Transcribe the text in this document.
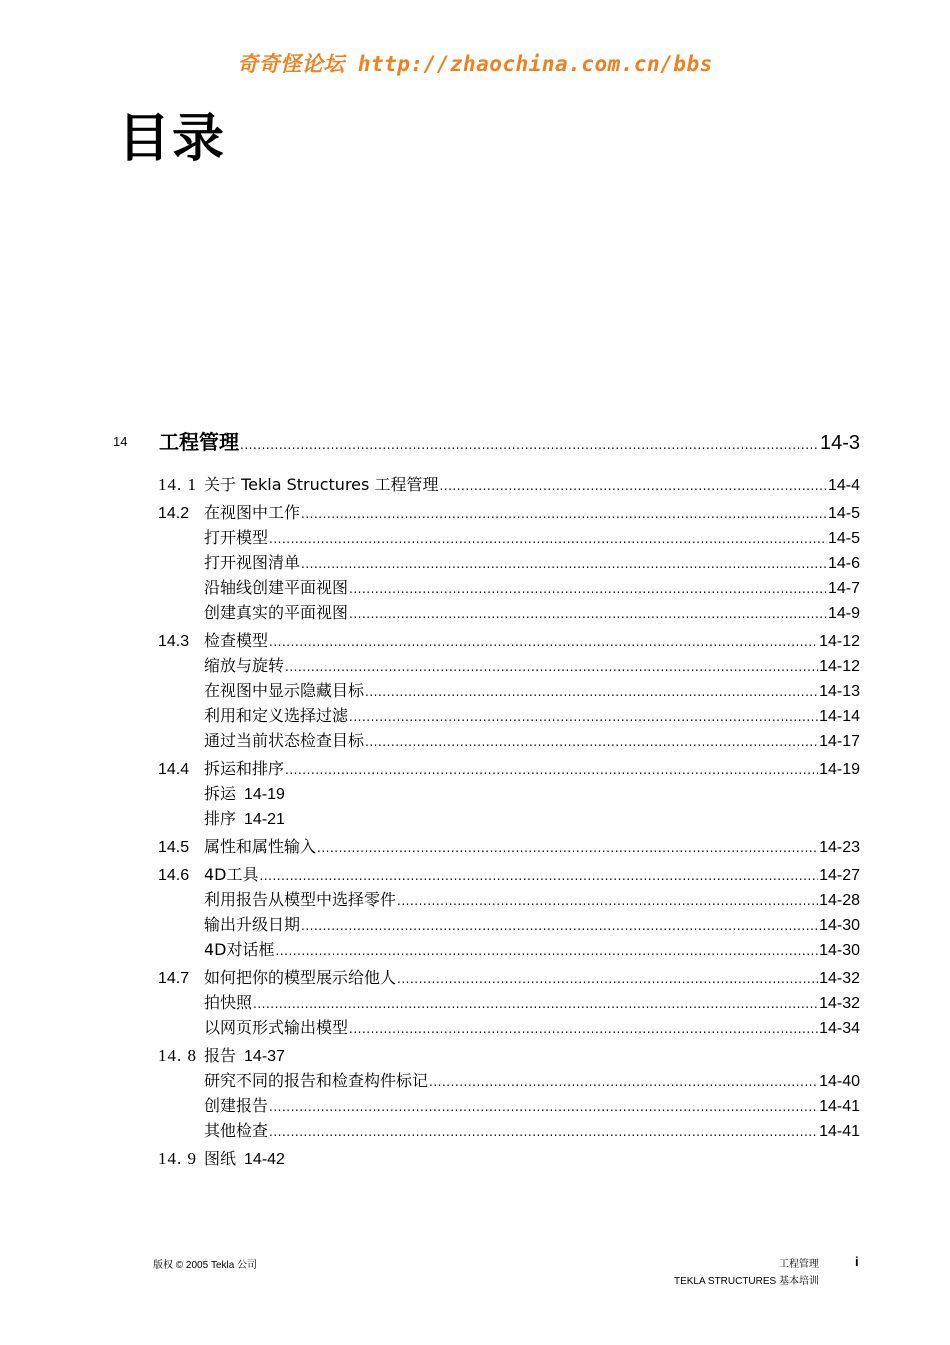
奇奇怪论坛 http://zhaochina.com.cn/bbs
目录
14 工程管理 .....	14-3
14. 1 关于 Tekla Structures 工程管理 .....	14-4
14.2 在视图中工作 .....	14-5
打开模型 .....	14-5
打开视图清单 .....	14-6
沿轴线创建平面视图 .....	14-7
创建真实的平面视图 .....	14-9
14.3 检查模型 .....	14-12
缩放与旋转 .....	14-12
在视图中显示隐藏目标 .....	14-13
利用和定义选择过滤 .....	14-14
通过当前状态检查目标 .....	14-17
14.4 拆运和排序 .....	14-19
拆运 14-19
排序 14-21
14.5 属性和属性输入 .....	14-23
14.6 4D工具 .....	14-27
利用报告从模型中选择零件 .....	14-28
输出升级日期 .....	14-30
4D对话框 .....	14-30
14.7 如何把你的模型展示给他人 .....	14-32
拍快照 .....	14-32
以网页形式输出模型 .....	14-34
14. 8 报告 14-37
研究不同的报告和检查构件标记 .....	14-40
创建报告 .....	14-41
其他检查 .....	14-41
14. 9 图纸 14-42
版权 © 2005 Tekla 公司	工程管理
TEKLA STRUCTURES 基本培训
i
